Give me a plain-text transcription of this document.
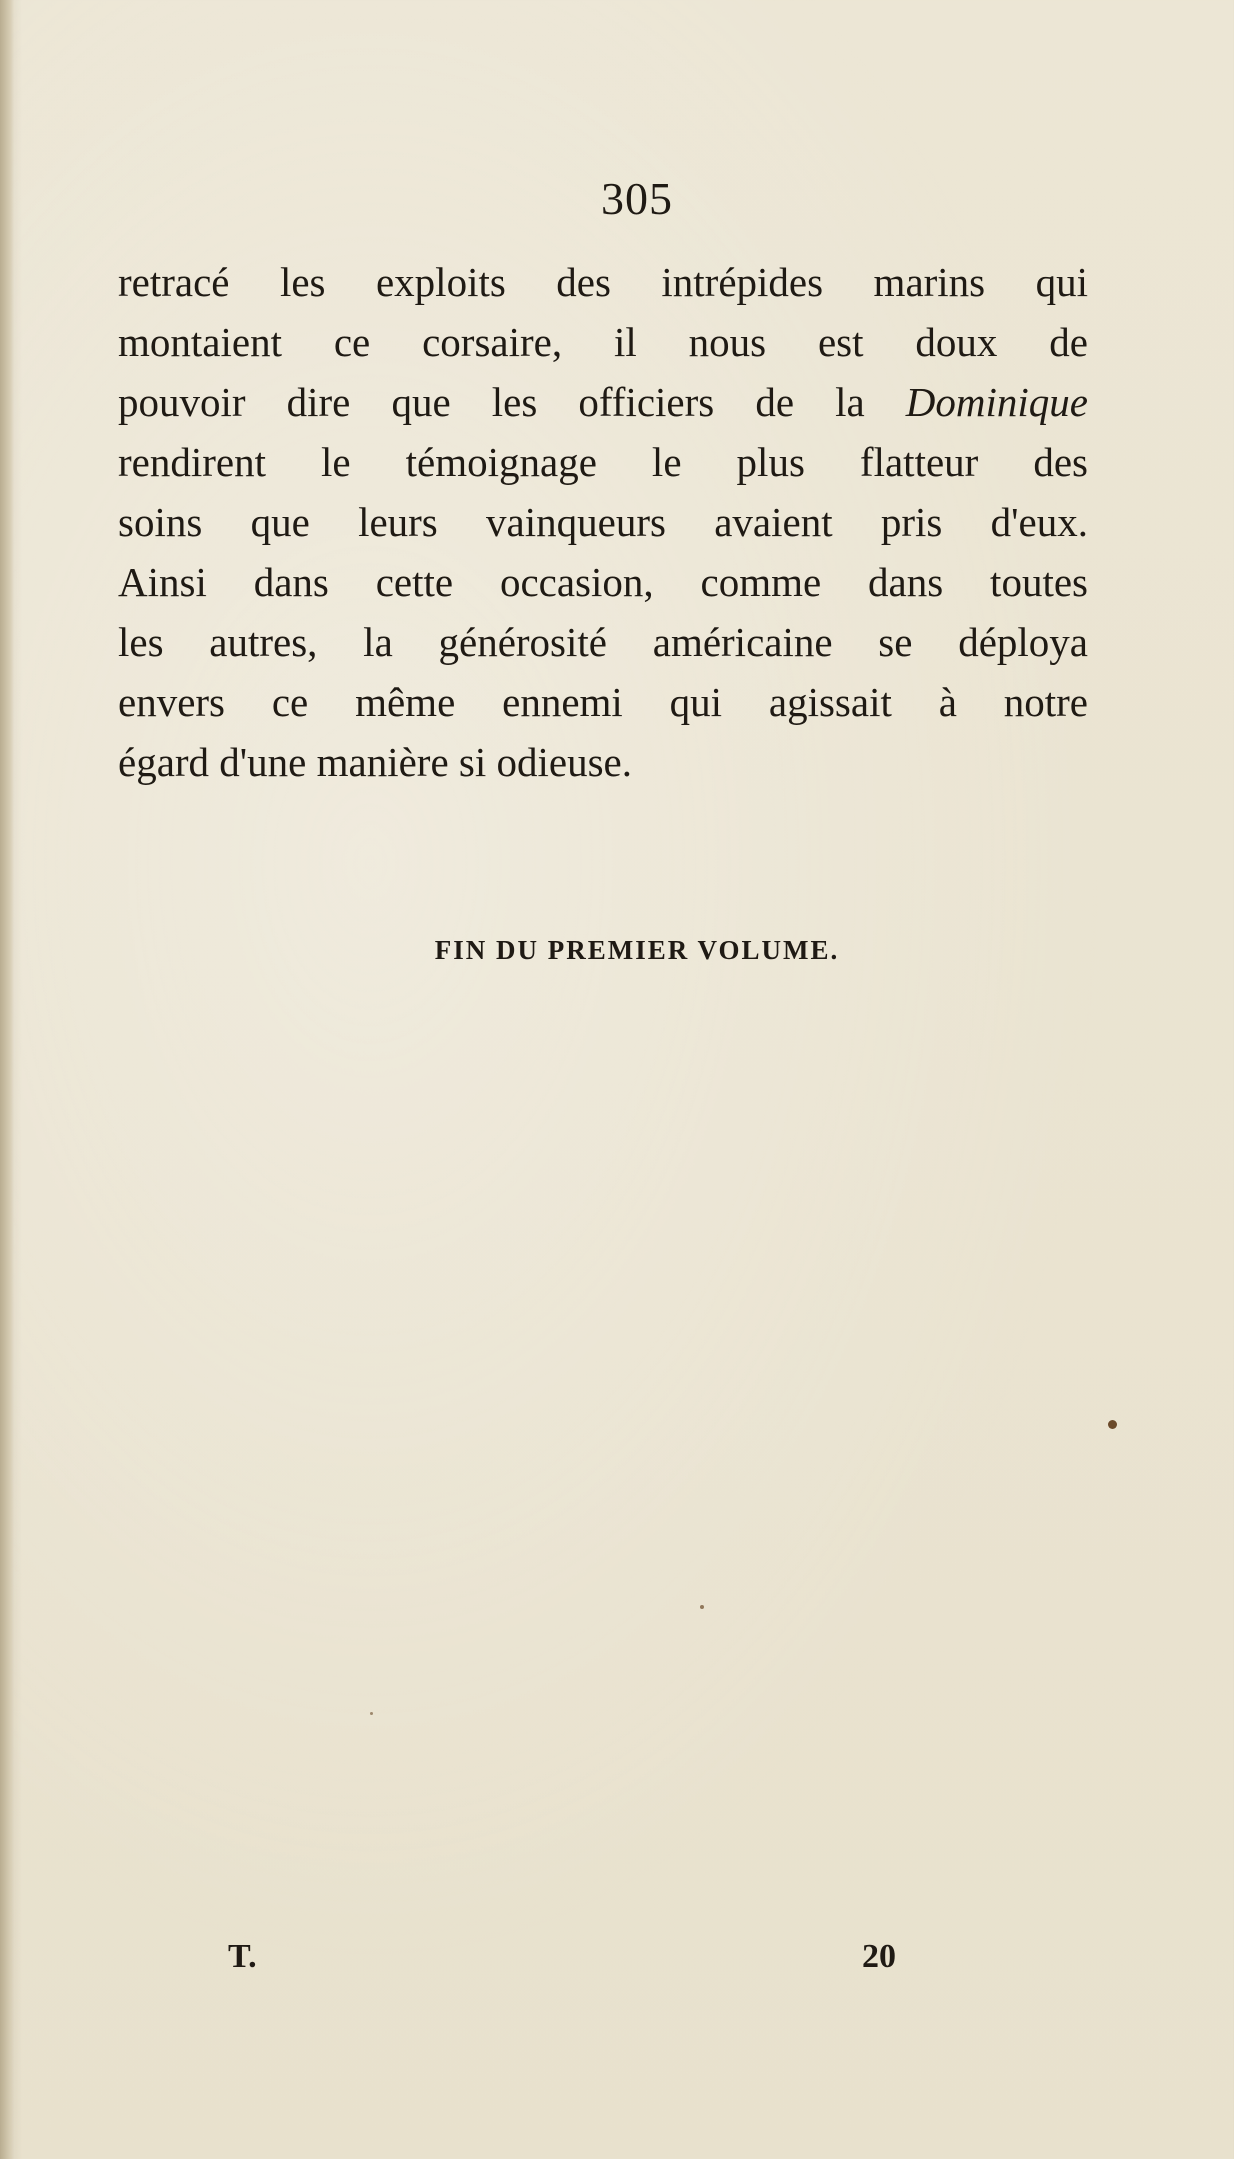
305
retracé les exploits des intrépides marins qui
montaient ce corsaire, il nous est doux de
pouvoir dire que les officiers de la Dominique
rendirent le témoignage le plus flatteur des
soins que leurs vainqueurs avaient pris d'eux.
Ainsi dans cette occasion, comme dans toutes
les autres, la générosité américaine se déploya
envers ce même ennemi qui agissait à notre
égard d'une manière si odieuse.
FIN DU PREMIER VOLUME.
T.	20
